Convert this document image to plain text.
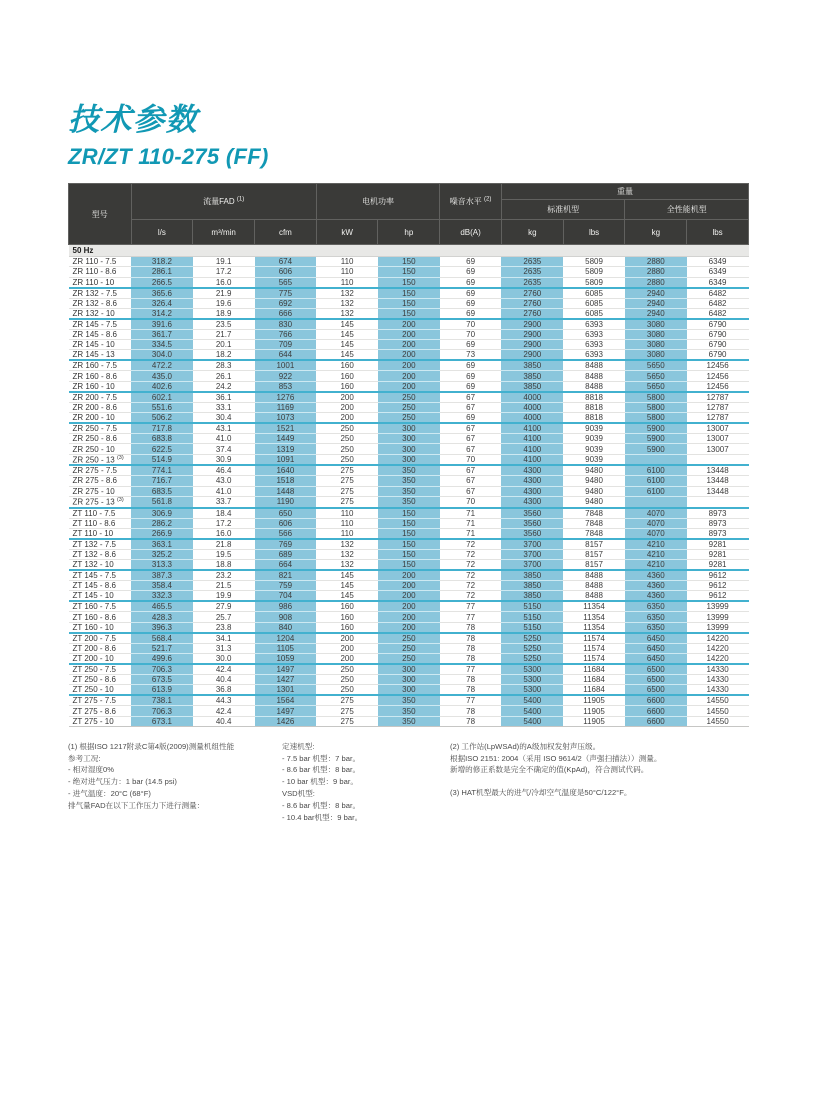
技术参数
ZR/ZT 110-275 (FF)
型号	流量FAD $^{(1)}$			电机功率		噪音水平 $^{(2)}$	重量			
							标准机型		全性能机型	
	l/s	m³/min	cfm	kW	hp	dB(A)	kg	lbs	kg	lbs
50 Hz										
ZR 110 - 7.5	318.2	19.1	674	110	150	69	2635	5809	2880	6349
ZR 110 - 8.6	286.1	17.2	606	110	150	69	2635	5809	2880	6349
ZR 110 - 10	266.5	16.0	565	110	150	69	2635	5809	2880	6349
ZR 132 - 7.5	365.6	21.9	775	132	150	69	2760	6085	2940	6482
ZR 132 - 8.6	326.4	19.6	692	132	150	69	2760	6085	2940	6482
ZR 132 - 10	314.2	18.9	666	132	150	69	2760	6085	2940	6482
ZR 145 - 7.5	391.6	23.5	830	145	200	70	2900	6393	3080	6790
ZR 145 - 8.6	361.7	21.7	766	145	200	70	2900	6393	3080	6790
ZR 145 - 10	334.5	20.1	709	145	200	69	2900	6393	3080	6790
ZR 145 - 13	304.0	18.2	644	145	200	73	2900	6393	3080	6790
ZR 160 - 7.5	472.2	28.3	1001	160	200	69	3850	8488	5650	12456
ZR 160 - 8.6	435.0	26.1	922	160	200	69	3850	8488	5650	12456
ZR 160 - 10	402.6	24.2	853	160	200	69	3850	8488	5650	12456
ZR 200 - 7.5	602.1	36.1	1276	200	250	67	4000	8818	5800	12787
ZR 200 - 8.6	551.6	33.1	1169	200	250	67	4000	8818	5800	12787
ZR 200 - 10	506.2	30.4	1073	200	250	69	4000	8818	5800	12787
ZR 250 - 7.5	717.8	43.1	1521	250	300	67	4100	9039	5900	13007
ZR 250 - 8.6	683.8	41.0	1449	250	300	67	4100	9039	5900	13007
ZR 250 - 10	622.5	37.4	1319	250	300	67	4100	9039	5900	13007
ZR 250 - 13 $^{(3)}$	514.9	30.9	1091	250	300	70	4100	9039		
ZR 275 - 7.5	774.1	46.4	1640	275	350	67	4300	9480	6100	13448
ZR 275 - 8.6	716.7	43.0	1518	275	350	67	4300	9480	6100	13448
ZR 275 - 10	683.5	41.0	1448	275	350	67	4300	9480	6100	13448
ZR 275 - 13 $^{(3)}$	561.8	33.7	1190	275	350	70	4300	9480		
ZT 110 - 7.5	306.9	18.4	650	110	150	71	3560	7848	4070	8973
ZT 110 - 8.6	286.2	17.2	606	110	150	71	3560	7848	4070	8973
ZT 110 - 10	266.9	16.0	566	110	150	71	3560	7848	4070	8973
ZT 132 - 7.5	363.1	21.8	769	132	150	72	3700	8157	4210	9281
ZT 132 - 8.6	325.2	19.5	689	132	150	72	3700	8157	4210	9281
ZT 132 - 10	313.3	18.8	664	132	150	72	3700	8157	4210	9281
ZT 145 - 7.5	387.3	23.2	821	145	200	72	3850	8488	4360	9612
ZT 145 - 8.6	358.4	21.5	759	145	200	72	3850	8488	4360	9612
ZT 145 - 10	332.3	19.9	704	145	200	72	3850	8488	4360	9612
ZT 160 - 7.5	465.5	27.9	986	160	200	77	5150	11354	6350	13999
ZT 160 - 8.6	428.3	25.7	908	160	200	77	5150	11354	6350	13999
ZT 160 - 10	396.3	23.8	840	160	200	78	5150	11354	6350	13999
ZT 200 - 7.5	568.4	34.1	1204	200	250	78	5250	11574	6450	14220
ZT 200 - 8.6	521.7	31.3	1105	200	250	78	5250	11574	6450	14220
ZT 200 - 10	499.6	30.0	1059	200	250	78	5250	11574	6450	14220
ZT 250 - 7.5	706.3	42.4	1497	250	300	77	5300	11684	6500	14330
ZT 250 - 8.6	673.5	40.4	1427	250	300	78	5300	11684	6500	14330
ZT 250 - 10	613.9	36.8	1301	250	300	78	5300	11684	6500	14330
ZT 275 - 7.5	738.1	44.3	1564	275	350	77	5400	11905	6600	14550
ZT 275 - 8.6	706.3	42.4	1497	275	350	78	5400	11905	6600	14550
ZT 275 - 10	673.1	40.4	1426	275	350	78	5400	11905	6600	14550
(1) 根据ISO 1217附录C第4版(2009)测量机组性能
参考工况:
- 相对湿度0%
- 绝对进气压力：1 bar (14.5 psi)
- 进气温度：20°C (68°F)
排气量FAD在以下工作压力下进行测量：
定速机型:
- 7.5 bar 机型：7 bar。
- 8.6 bar 机型：8 bar。
- 10 bar 机型：9 bar。
VSD机型:
- 8.6 bar 机型：8 bar。
- 10.4 bar机型：9 bar。
(2) 工作站(LpWSAd)的A级加权发射声压级。
根据ISO 2151: 2004（采用 ISO 9614/2（声强扫描法））测量。
新增的修正系数是完全不确定的值(KpAd)，符合测试代码。
(3) HAT机型最大的进气/冷却空气温度是50°C/122°F。
